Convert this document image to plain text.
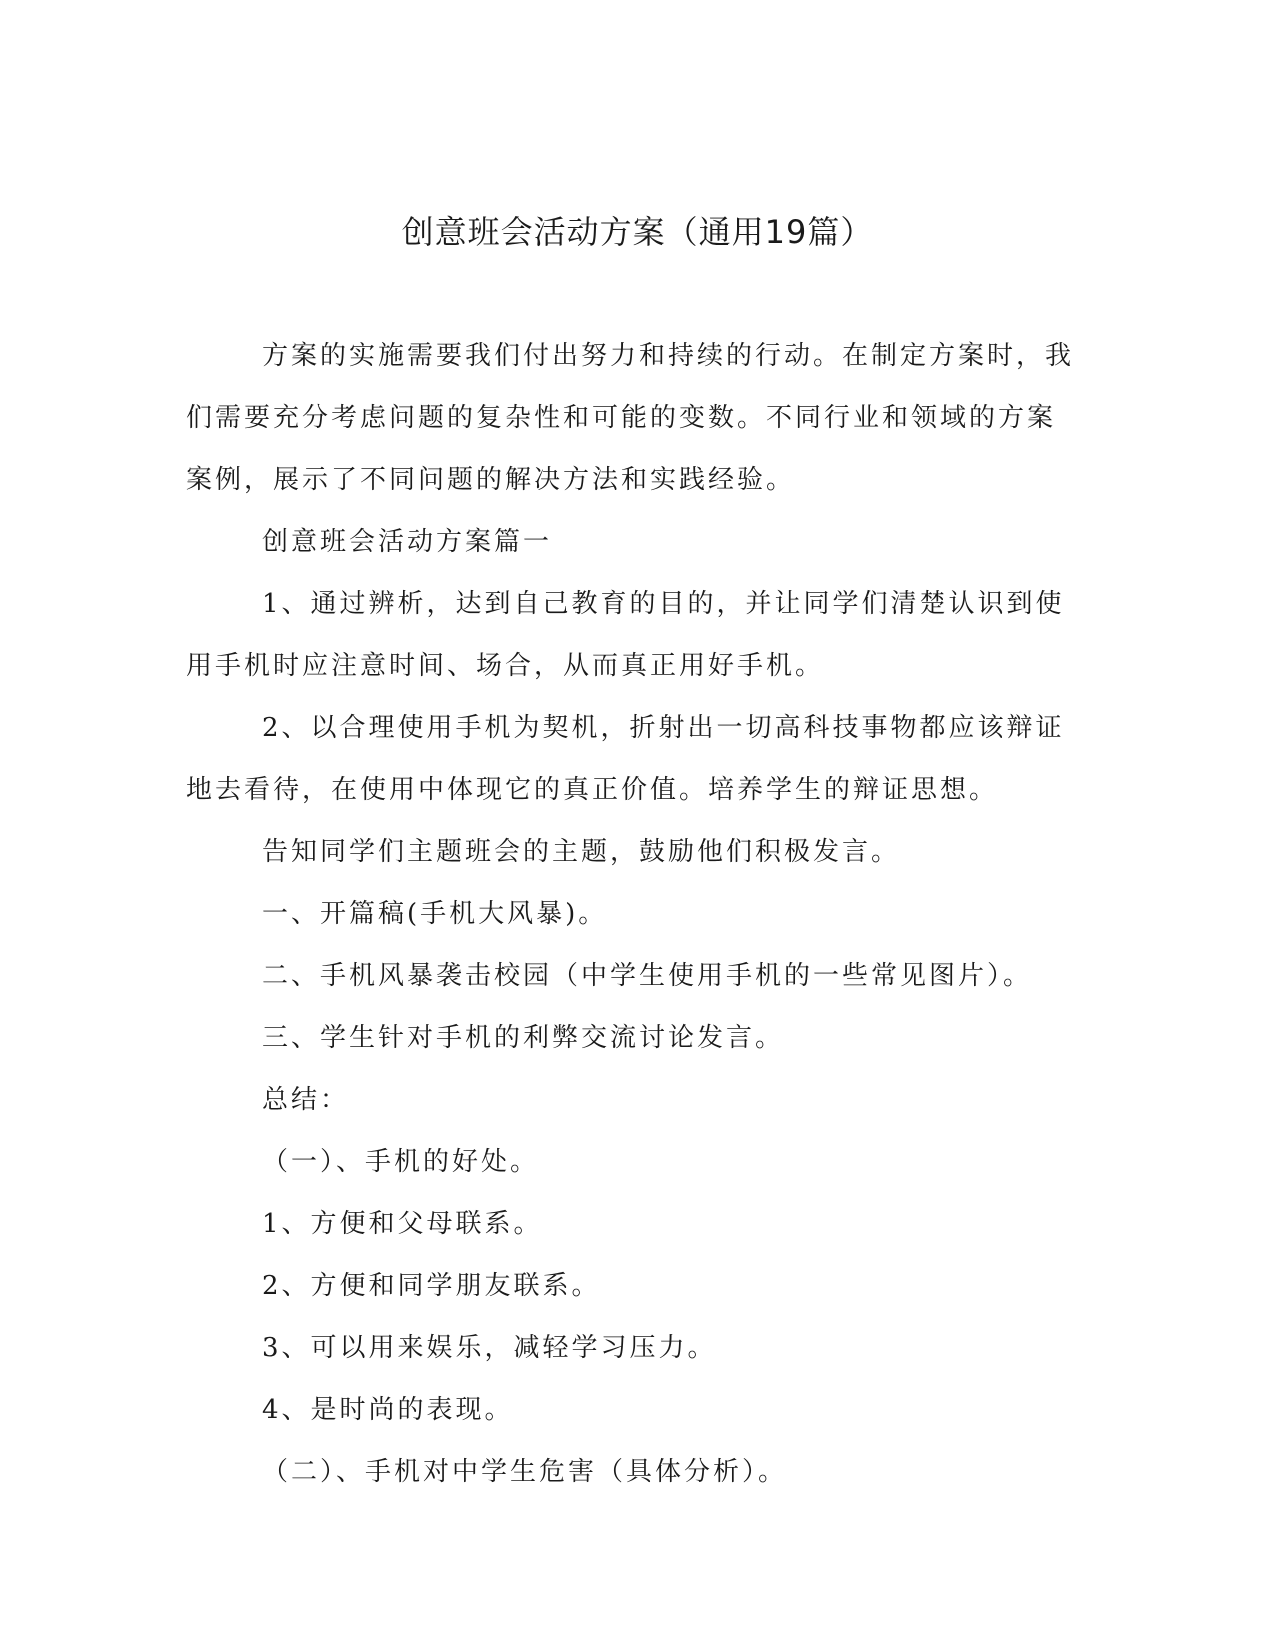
创意班会活动方案（通用19篇）

方案的实施需要我们付出努力和持续的行动。在制定方案时，我们需要充分考虑问题的复杂性和可能的变数。不同行业和领域的方案案例，展示了不同问题的解决方法和实践经验。

创意班会活动方案篇一

1、通过辨析，达到自己教育的目的，并让同学们清楚认识到使用手机时应注意时间、场合，从而真正用好手机。

2、以合理使用手机为契机，折射出一切高科技事物都应该辩证地去看待，在使用中体现它的真正价值。培养学生的辩证思想。

告知同学们主题班会的主题，鼓励他们积极发言。

一、开篇稿(手机大风暴)。

二、手机风暴袭击校园（中学生使用手机的一些常见图片）。

三、学生针对手机的利弊交流讨论发言。

总结：

（一）、手机的好处。

1、方便和父母联系。

2、方便和同学朋友联系。

3、可以用来娱乐，减轻学习压力。

4、是时尚的表现。

（二）、手机对中学生危害（具体分析）。
